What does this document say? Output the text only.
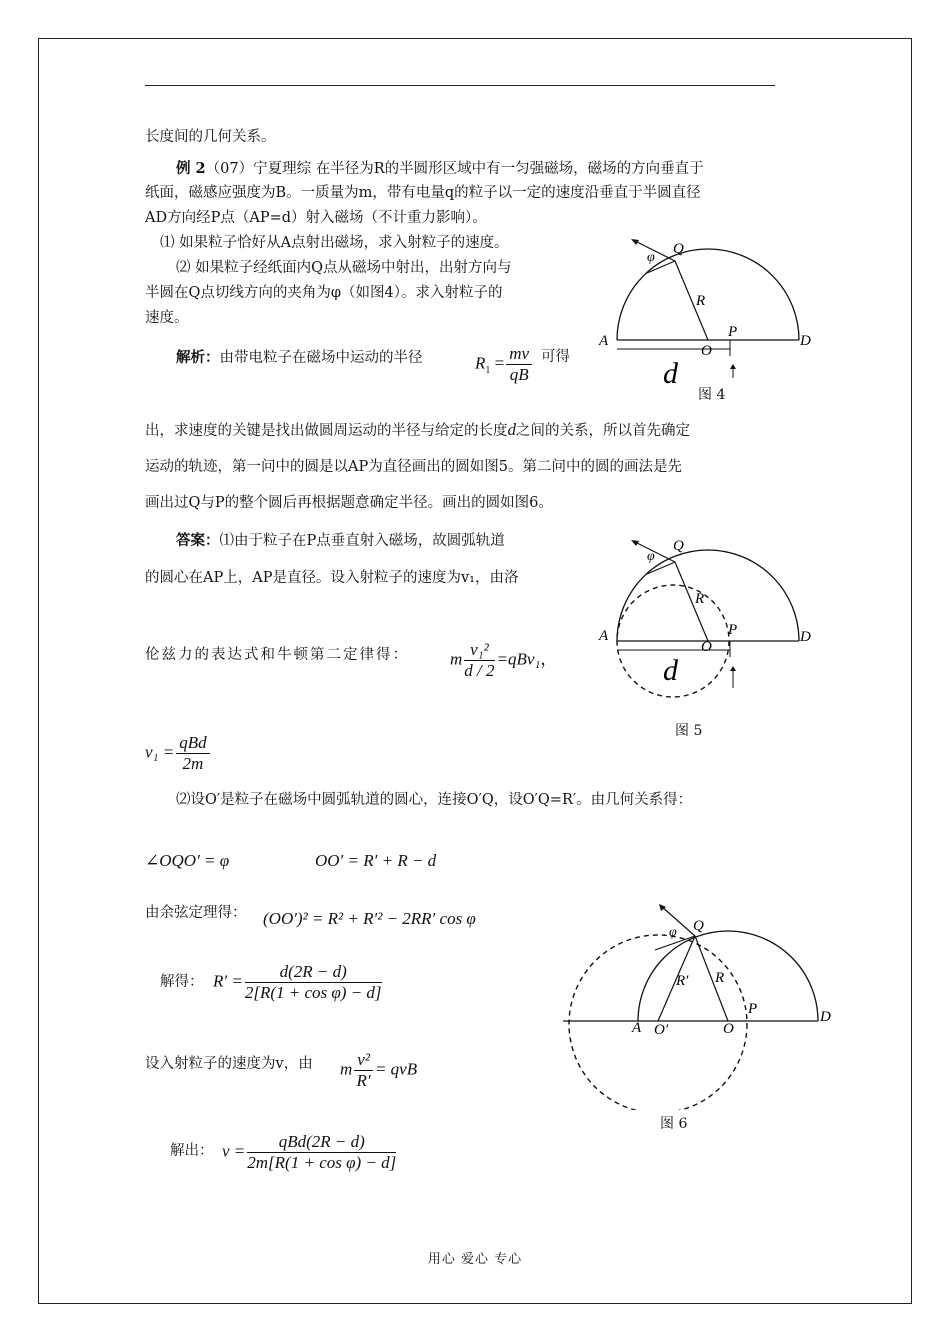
长度间的几何关系。
例 2（07）宁夏理综 在半径为R的半圆形区域中有一匀强磁场，磁场的方向垂直于
纸面，磁感应强度为B。一质量为m，带有电量q的粒子以一定的速度沿垂直于半圆直径
AD方向经P点（AP=d）射入磁场（不计重力影响）。
⑴ 如果粒子恰好从A点射出磁场，求入射粒子的速度。
⑵ 如果粒子经纸面内Q点从磁场中射出，出射方向与
半圆在Q点切线方向的夹角为φ（如图4）。求入射粒子的
速度。
解析：由带电粒子在磁场中运动的半径	$R_1 = \frac{mv}{qB}$ 可得
出，求速度的关键是找出做圆周运动的半径与给定的长度d之间的关系，所以首先确定
运动的轨迹，第一问中的圆是以AP为直径画出的圆如图5。第二问中的圆的画法是先
画出过Q与P的整个圆后再根据题意确定半径。画出的圆如图6。
答案：⑴由于粒子在P点垂直射入磁场，故圆弧轨道
的圆心在AP上，AP是直径。设入射粒子的速度为v₁，由洛
伦兹力的表达式和牛顿第二定律得： m $\frac{\text{v₁²}}{d / 2} =qBv_1$，
$v_1 = \frac{\text{qBd}}{2m}$
⑵设O′是粒子在磁场中圆弧轨道的圆心，连接O′Q，设O′Q=R′。由几何关系得：
∠OQO′ = φ	OO′ = R′ + R − d
由余弦定理得： (OO′)² = R² + R′² − 2RR′ cos φ
解得： $R' = \frac{d(2R - d)}{\text{2[R(1 + cos φ) − d]}}$
设入射粒子的速度为v，由 m $\frac{\text{v²}}{R'}$ = qvB
解出： $v = \frac{\text{qBd(2R − d)}}{\text{2m[R(1 + cos φ) − d]}}$
A	D
O
P
Q
R
φ
d
图 4
A	D
O
P
Q
R
φ
d
图 5
A
D
O
O′
P
Q
R
R′
φ
图 6
用心 爱心 专心
